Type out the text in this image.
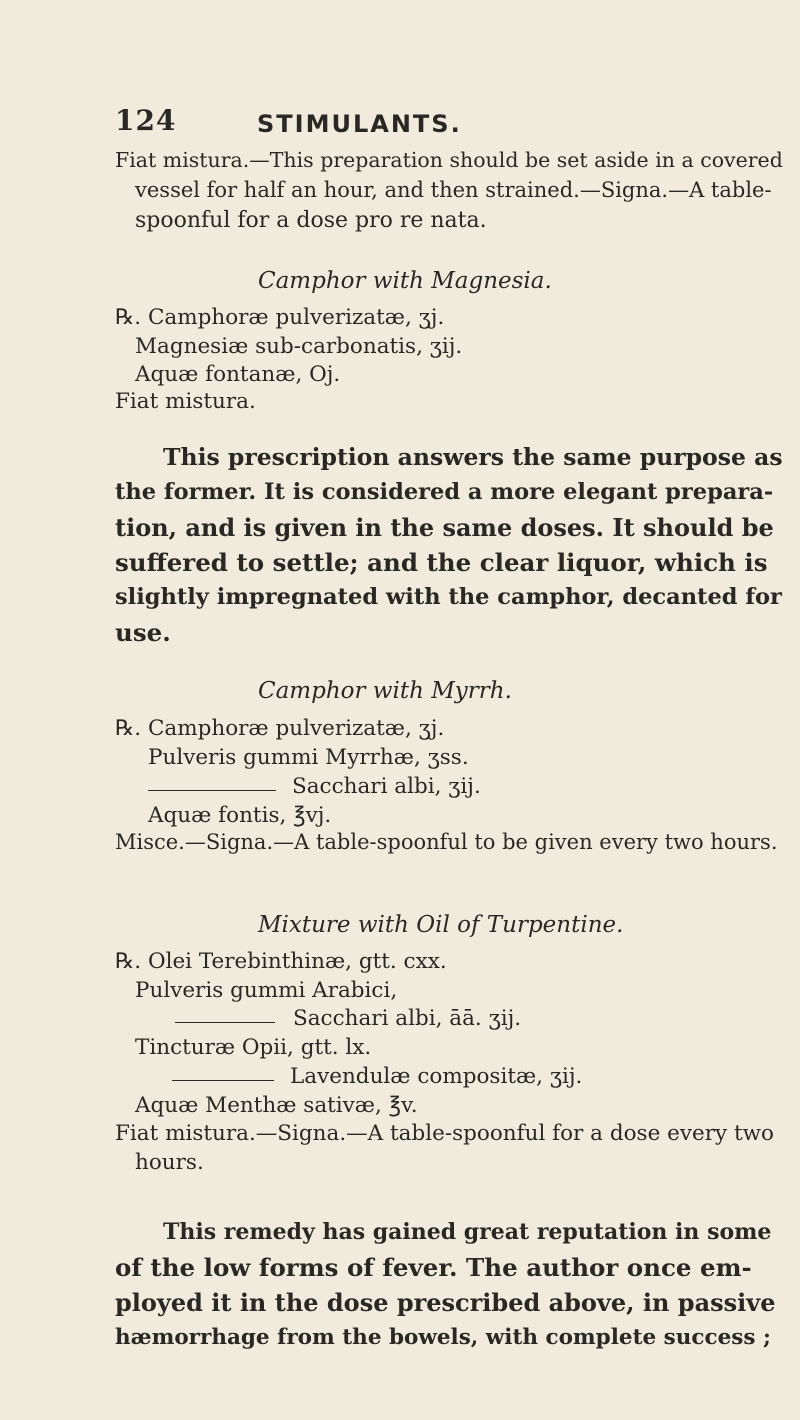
124	STIMULANTS.
Fiat mistura.—This preparation should be set aside in a covered
vessel for half an hour, and then strained.—Signa.—A table-
spoonful for a dose pro re nata.
Camphor with Magnesia.
℞. Camphoræ pulverizatæ, ʒj.
Magnesiæ sub-carbonatis, ʒij.
Aquæ fontanæ, Oj.
Fiat mistura.
This prescription answers the same purpose as
the former. It is considered a more elegant prepara-
tion, and is given in the same doses. It should be
suffered to settle; and the clear liquor, which is
slightly impregnated with the camphor, decanted for
use.
Camphor with Myrrh.
℞. Camphoræ pulverizatæ, ʒj.
Pulveris gummi Myrrhæ, ʒss.
Sacchari albi, ʒij.
Aquæ fontis, ℥vj.
Misce.—Signa.—A table-spoonful to be given every two hours.
Mixture with Oil of Turpentine.
℞. Olei Terebinthinæ, gtt. cxx.
Pulveris gummi Arabici,
Sacchari albi, āā. ʒij.
Tincturæ Opii, gtt. lx.
Lavendulæ compositæ, ʒij.
Aquæ Menthæ sativæ, ℥v.
Fiat mistura.—Signa.—A table-spoonful for a dose every two
hours.
This remedy has gained great reputation in some
of the low forms of fever. The author once em-
ployed it in the dose prescribed above, in passive
hæmorrhage from the bowels, with complete success ;
